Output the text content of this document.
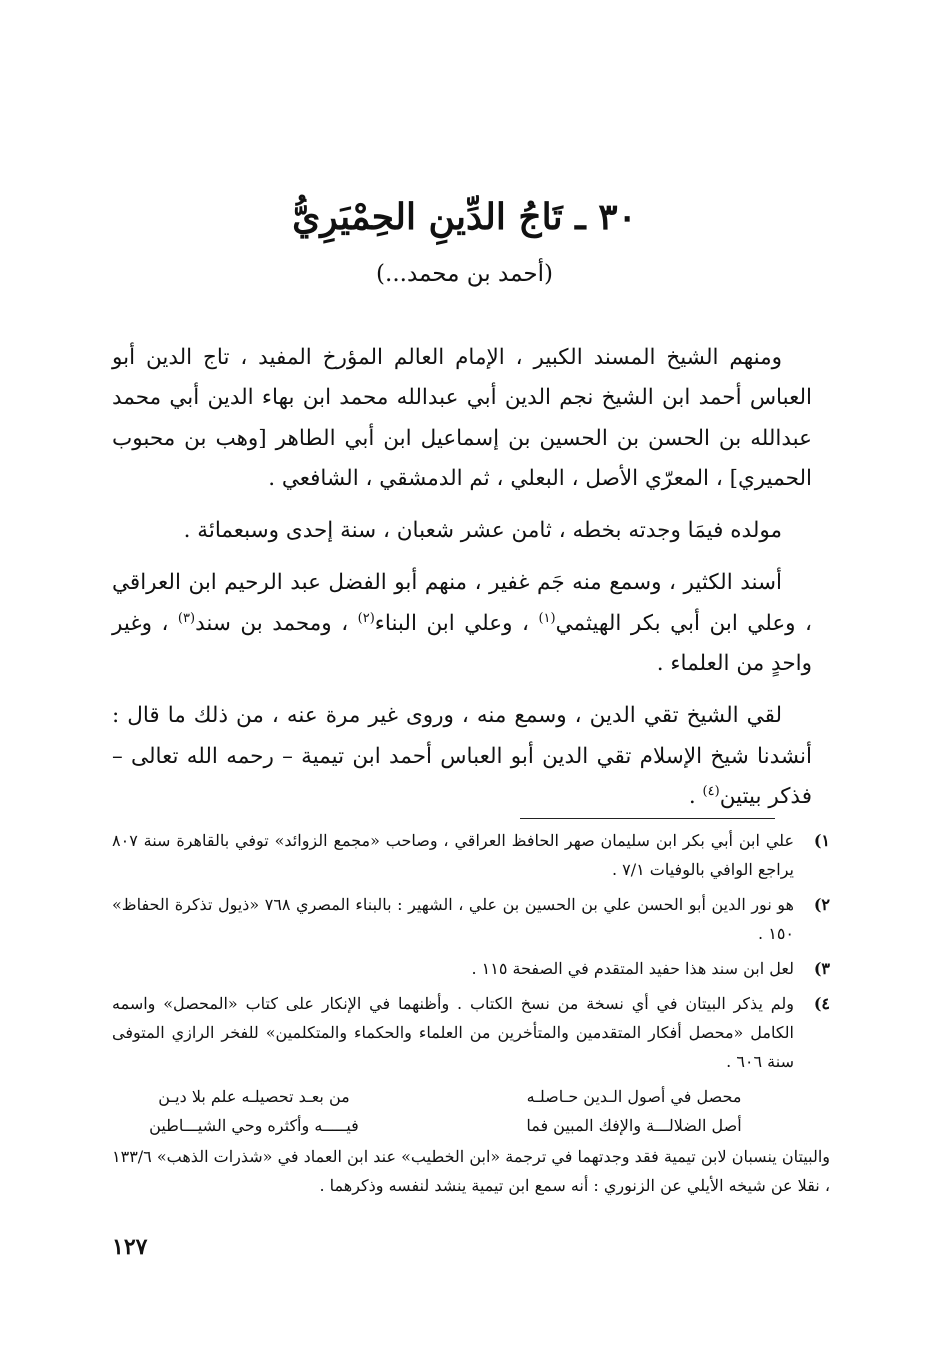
٣٠ ـ تَاجُ الدِّينِ الحِمْيَرِيُّ
(أحمد بن محمد...)

ومنهم الشيخ المسند الكبير ، الإمام العالم المؤرخ المفيد ، تاج الدين أبو العباس أحمد ابن الشيخ نجم الدين أبي عبدالله محمد ابن بهاء الدين أبي محمد عبدالله بن الحسن بن الحسين بن إسماعيل ابن أبي الطاهر [وهب بن محبوب الحميري] ، المعرّي الأصل ، البعلي ، ثم الدمشقي ، الشافعي .

مولده فيمَا وجدته بخطه ، ثامن عشر شعبان ، سنة إحدى وسبعمائة .

أسند الكثير ، وسمع منه جَم غفير ، منهم أبو الفضل عبد الرحيم ابن العراقي ، وعلي ابن أبي بكر الهيثمي$^{(١)}$ ، وعلي ابن البناء$^{(٢)}$ ، ومحمد بن سند$^{(٣)}$ ، وغير واحدٍ من العلماء .

لقي الشيخ تقي الدين ، وسمع منه ، وروى غير مرة عنه ، من ذلك ما قال : أنشدنا شيخ الإسلام تقي الدين أبو العباس أحمد ابن تيمية – رحمه الله تعالى – فذكر بيتين$^{(٤)}$ .

١)
علي ابن أبي بكر ابن سليمان صهر الحافظ العراقي ، وصاحب «مجمع الزوائد» توفي بالقاهرة سنة ٨٠٧ يراجع الوافي بالوفيات ٧/١ .
٢)
هو نور الدين أبو الحسن علي بن الحسين بن علي ، الشهير : بالبناء المصري ٧٦٨ «ذيول تذكرة الحفاظ» ١٥٠ .
٣)
لعل ابن سند هذا حفيد المتقدم في الصفحة ١١٥ .
٤)
ولم يذكر البيتان في أي نسخة من نسخ الكتاب . وأظنهما في الإنكار على كتاب «المحصل» واسمه الكامل «محصل أفكار المتقدمين والمتأخرين من العلماء والحكماء والمتكلمين» للفخر الرازي المتوفى سنة ٦٠٦ .
محصل في أصول الـدين حـاصلـه
من بعـد تحصيلـه علم بلا ديـن
أصل الضلالـــة والإفك المبين فما
فيـــــه وأكثره وحي الشيـــاطين
والبيتان ينسبان لابن تيمية فقد وجدتهما في ترجمة «ابن الخطيب» عند ابن العماد في «شذرات الذهب» ١٣٣/٦ ، نقلا عن شيخه الأيلي عن الزنوري : أنه سمع ابن تيمية ينشد لنفسه وذكرهما .
١٢٧
